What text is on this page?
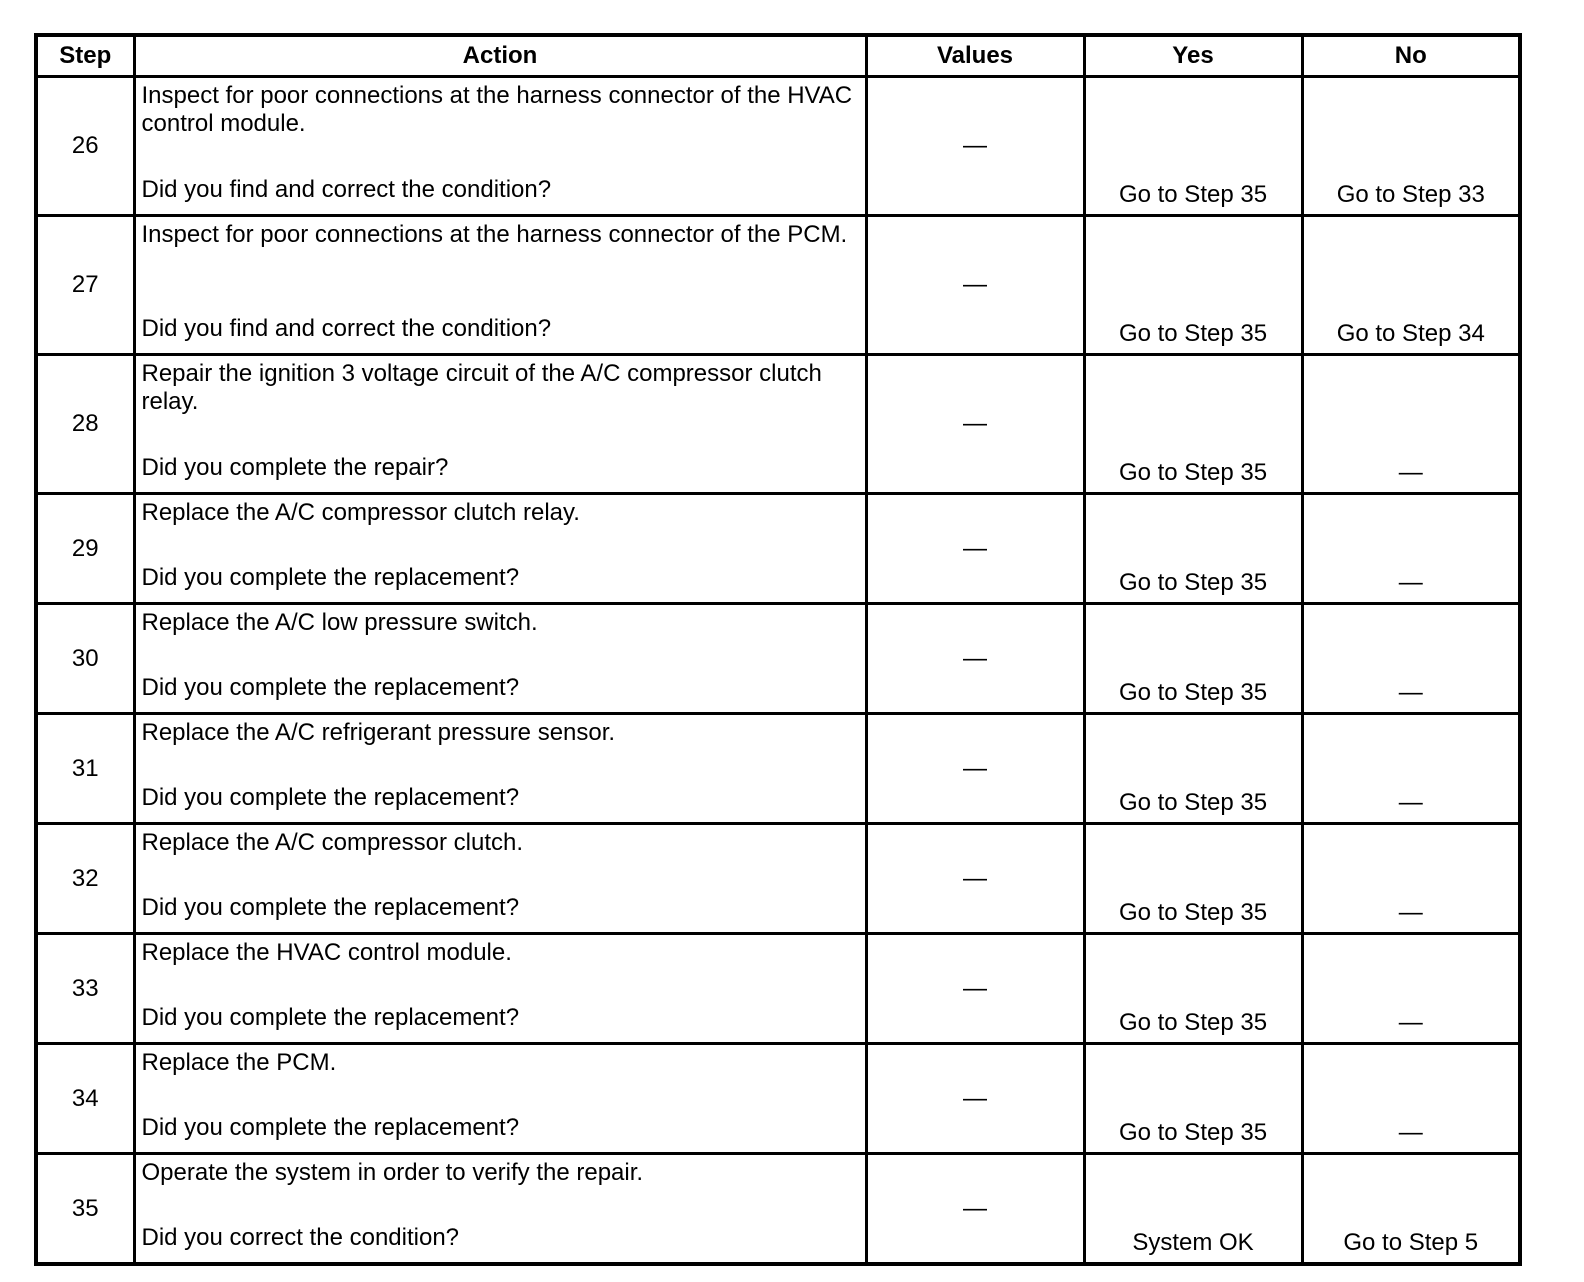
Step	Action	Values	Yes	No
26	Inspect for poor connections at the harness connector of the HVAC control module.
Did you find and correct the condition?	—	Go to Step 35	Go to Step 33
27	Inspect for poor connections at the harness connector of the PCM.
Did you find and correct the condition?	—	Go to Step 35	Go to Step 34
28	Repair the ignition 3 voltage circuit of the A/C compressor clutch relay.
Did you complete the repair?	—	Go to Step 35	—
29	Replace the A/C compressor clutch relay.
Did you complete the replacement?	—	Go to Step 35	—
30	Replace the A/C low pressure switch.
Did you complete the replacement?	—	Go to Step 35	—
31	Replace the A/C refrigerant pressure sensor.
Did you complete the replacement?	—	Go to Step 35	—
32	Replace the A/C compressor clutch.
Did you complete the replacement?	—	Go to Step 35	—
33	Replace the HVAC control module.
Did you complete the replacement?	—	Go to Step 35	—
34	Replace the PCM.
Did you complete the replacement?	—	Go to Step 35	—
35	Operate the system in order to verify the repair.
Did you correct the condition?	—	System OK	Go to Step 5
